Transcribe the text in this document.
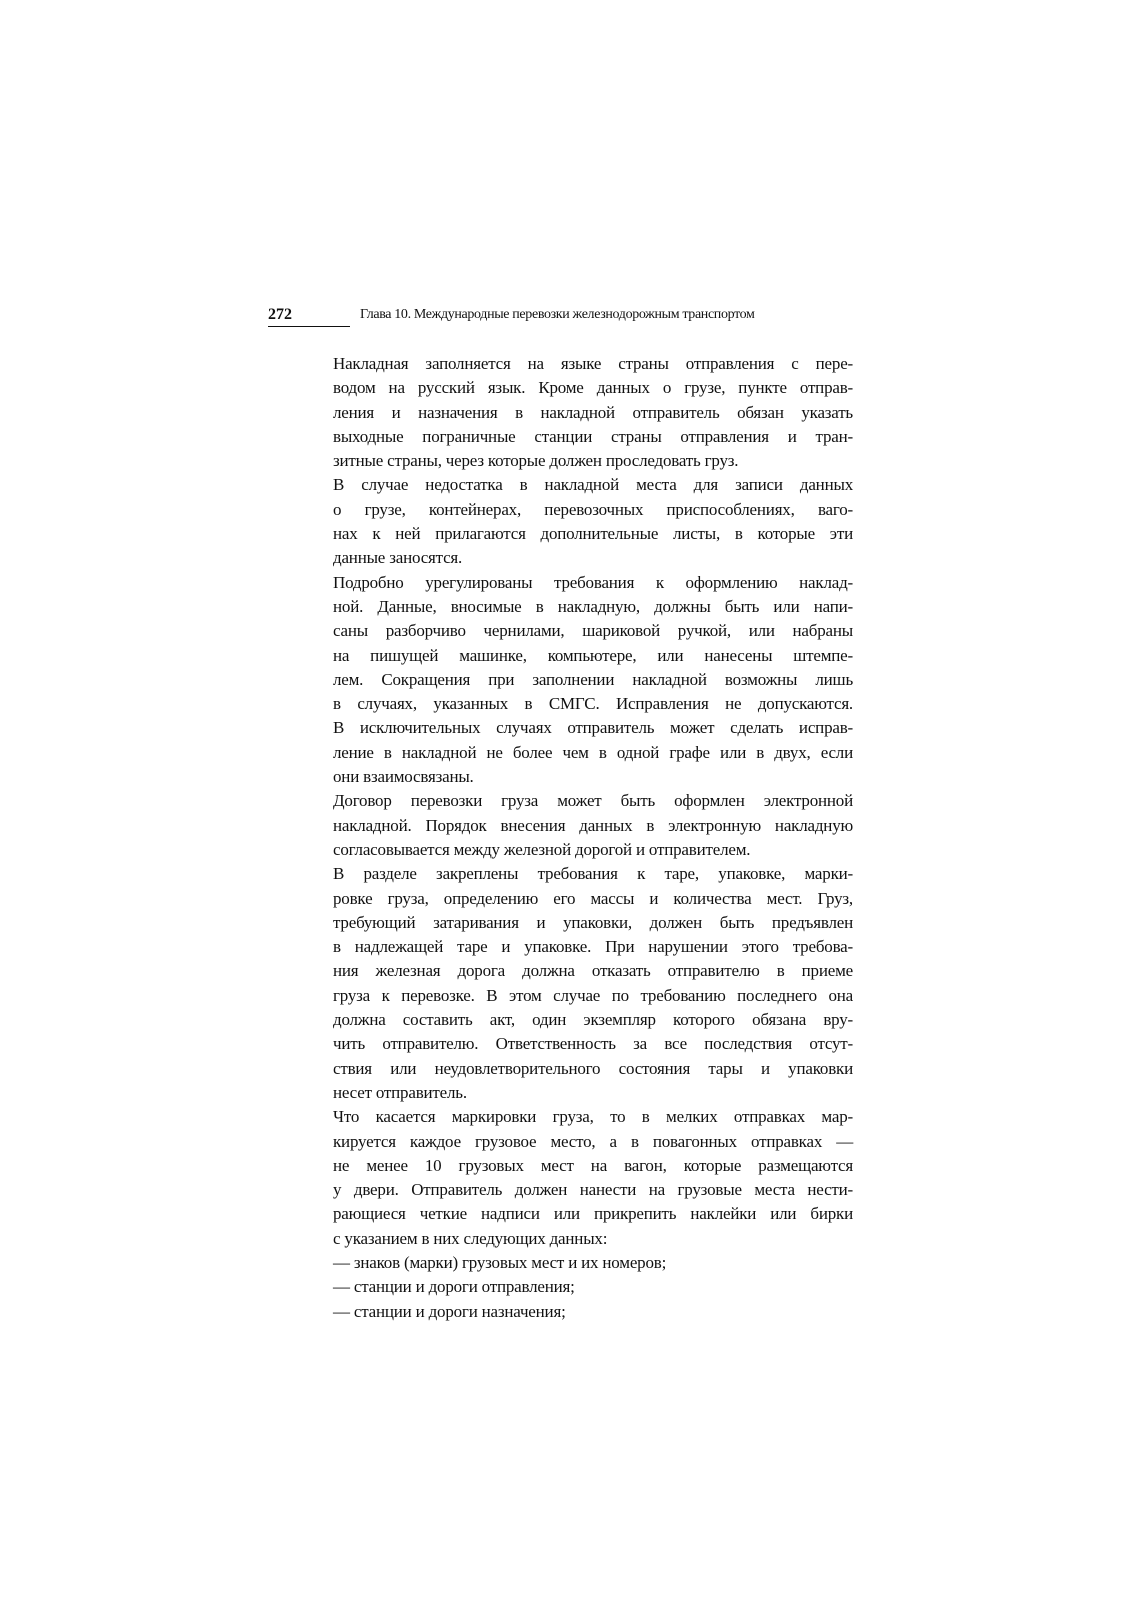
272	Глава 10. Международные перевозки железнодорожным транспортом

Накладная заполняется на языке страны отправления с пере-
водом на русский язык. Кроме данных о грузе, пункте отправ-
ления и назначения в накладной отправитель обязан указать
выходные пограничные станции страны отправления и тран-
зитные страны, через которые должен проследовать груз.

В случае недостатка в накладной места для записи данных
о грузе, контейнерах, перевозочных приспособлениях, ваго-
нах к ней прилагаются дополнительные листы, в которые эти
данные заносятся.

Подробно урегулированы требования к оформлению наклад-
ной. Данные, вносимые в накладную, должны быть или напи-
саны разборчиво чернилами, шариковой ручкой, или набраны
на пишущей машинке, компьютере, или нанесены штемпе-
лем. Сокращения при заполнении накладной возможны лишь
в случаях, указанных в СМГС. Исправления не допускаются.
В исключительных случаях отправитель может сделать исправ-
ление в накладной не более чем в одной графе или в двух, если
они взаимосвязаны.

Договор перевозки груза может быть оформлен электронной
накладной. Порядок внесения данных в электронную накладную
согласовывается между железной дорогой и отправителем.

В разделе закреплены требования к таре, упаковке, марки-
ровке груза, определению его массы и количества мест. Груз,
требующий затаривания и упаковки, должен быть предъявлен
в надлежащей таре и упаковке. При нарушении этого требова-
ния железная дорога должна отказать отправителю в приеме
груза к перевозке. В этом случае по требованию последнего она
должна составить акт, один экземпляр которого обязана вру-
чить отправителю. Ответственность за все последствия отсут-
ствия или неудовлетворительного состояния тары и упаковки
несет отправитель.

Что касается маркировки груза, то в мелких отправках мар-
кируется каждое грузовое место, а в повагонных отправках —
не менее 10 грузовых мест на вагон, которые размещаются
у двери. Отправитель должен нанести на грузовые места нести-
рающиеся четкие надписи или прикрепить наклейки или бирки
с указанием в них следующих данных:

— знаков (марки) грузовых мест и их номеров;
— станции и дороги отправления;
— станции и дороги назначения;
